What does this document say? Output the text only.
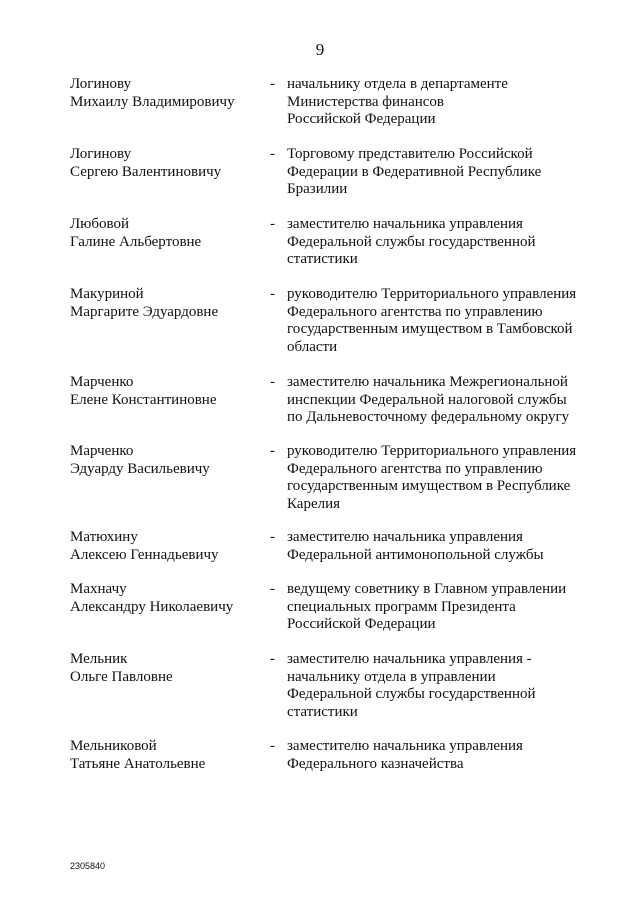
9
Логинову
Михаилу Владимировичу
- начальнику отдела в департаменте
Министерства финансов
Российской Федерации
Логинову
Сергею Валентиновичу
- Торговому представителю Российской
Федерации в Федеративной Республике
Бразилии
Любовой
Галине Альбертовне
- заместителю начальника управления
Федеральной службы государственной
статистики
Макуриной
Маргарите Эдуардовне
- руководителю Территориального управления
Федерального агентства по управлению
государственным имуществом в Тамбовской
области
Марченко
Елене Константиновне
- заместителю начальника Межрегиональной
инспекции Федеральной налоговой службы
по Дальневосточному федеральному округу
Марченко
Эдуарду Васильевичу
- руководителю Территориального управления
Федерального агентства по управлению
государственным имуществом в Республике
Карелия
Матюхину
Алексею Геннадьевичу
- заместителю начальника управления
Федеральной антимонопольной службы
Махначу
Александру Николаевичу
- ведущему советнику в Главном управлении
специальных программ Президента
Российской Федерации
Мельник
Ольге Павловне
- заместителю начальника управления -
начальнику отдела в управлении
Федеральной службы государственной
статистики
Мельниковой
Татьяне Анатольевне
- заместителю начальника управления
Федерального казначейства
2305840
